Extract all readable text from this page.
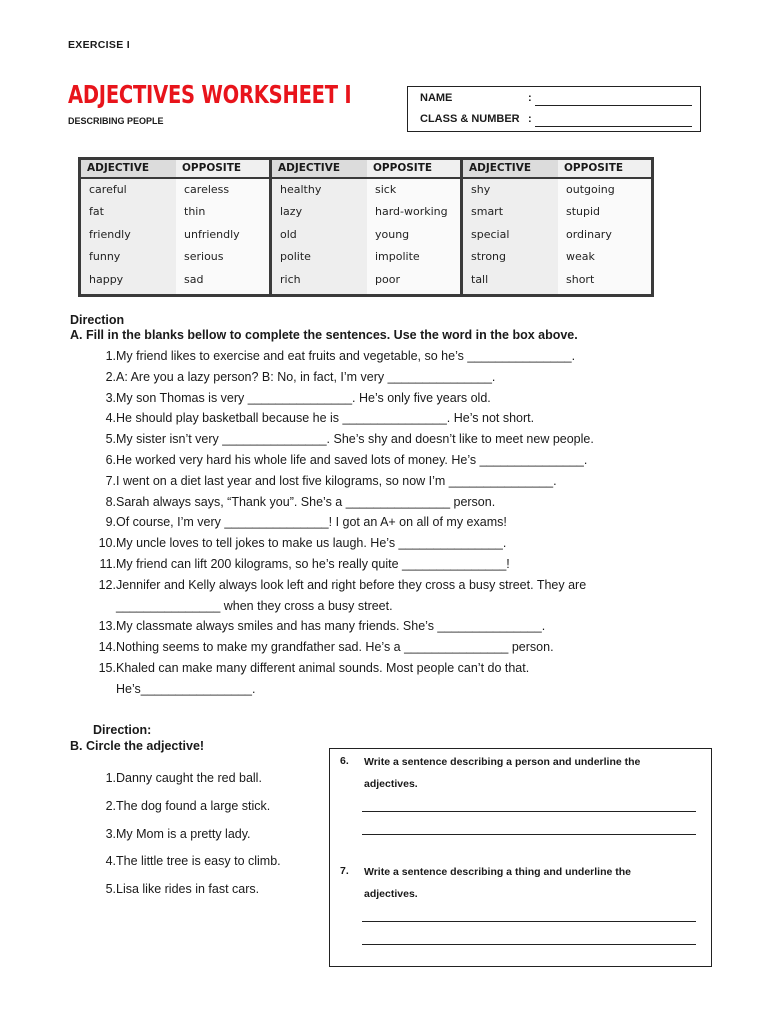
EXERCISE I
ADJECTIVES WORKSHEET I
DESCRIBING PEOPLE
NAME	:
CLASS & NUMBER :
ADJECTIVE
careful
fat
friendly
funny
happy
OPPOSITE
careless
thin
unfriendly
serious
sad
ADJECTIVE
healthy
lazy
old
polite
rich
OPPOSITE
sick
hard-working
young
impolite
poor
ADJECTIVE
shy
smart
special
strong
tall
OPPOSITE
outgoing
stupid
ordinary
weak
short
Direction
A. Fill in the blanks bellow to complete the sentences. Use the word in the box above.
1. My friend likes to exercise and eat fruits and vegetable, so he’s _______________.
2. A: Are you a lazy person? B: No, in fact, I’m very _______________.
3. My son Thomas is very _______________. He’s only five years old.
4. He should play basketball because he is _______________. He’s not short.
5. My sister isn’t very _______________. She’s shy and doesn’t like to meet new people.
6. He worked very hard his whole life and saved lots of money. He’s _______________.
7. I went on a diet last year and lost five kilograms, so now I’m _______________.
8. Sarah always says, “Thank you”. She’s a _______________ person.
9. Of course, I’m very _______________! I got an A+ on all of my exams!
10. My uncle loves to tell jokes to make us laugh. He’s _______________.
11. My friend can lift 200 kilograms, so he’s really quite _______________!
12. Jennifer and Kelly always look left and right before they cross a busy street. They are
_______________ when they cross a busy street.
13. My classmate always smiles and has many friends. She’s _______________.
14. Nothing seems to make my grandfather sad. He’s a _______________ person.
15. Khaled can make many different animal sounds. Most people can’t do that.
He’s________________.
Direction:
B. Circle the adjective!
1. Danny caught the red ball.
2. The dog found a large stick.
3. My Mom is a pretty lady.
4. The little tree is easy to climb.
5. Lisa like rides in fast cars.
6. Write a sentence describing a person and underline the
adjectives.
7. Write a sentence describing a thing and underline the
adjectives.
